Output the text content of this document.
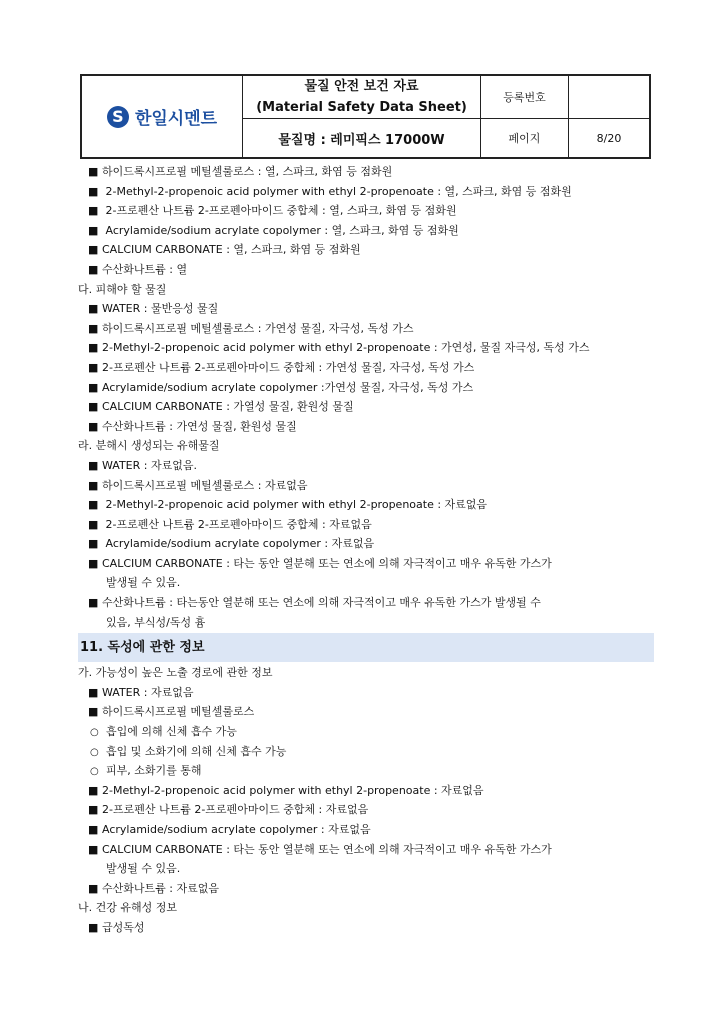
S 한일시멘트
물질 안전 보건 자료
(Material Safety Data Sheet)
등록번호
물질명 : 레미픽스 17000W	페이지	8/20
■ 하이드록시프로필 메틸셀룰로스 : 열, 스파크, 화염 등 점화원
■ 2-Methyl-2-propenoic acid polymer with ethyl 2-propenoate : 열, 스파크, 화염 등 점화원
■ 2-프로펜산 나트륨 2-프로펜아마이드 중합체 : 열, 스파크, 화염 등 점화원
■ Acrylamide/sodium acrylate copolymer : 열, 스파크, 화염 등 점화원
■ CALCIUM CARBONATE : 열, 스파크, 화염 등 점화원
■ 수산화나트륨 : 열
다. 피해야 할 물질
■ WATER : 물반응성 물질
■ 하이드록시프로필 메틸셀룰로스 : 가연성 물질, 자극성, 독성 가스
■ 2-Methyl-2-propenoic acid polymer with ethyl 2-propenoate : 가연성, 물질 자극성, 독성 가스
■ 2-프로펜산 나트륨 2-프로펜아마이드 중합체 : 가연성 물질, 자극성, 독성 가스
■ Acrylamide/sodium acrylate copolymer :가연성 물질, 자극성, 독성 가스
■ CALCIUM CARBONATE : 가열성 물질, 환원성 물질
■ 수산화나트륨 : 가연성 물질, 환원성 물질
라. 분해시 생성되는 유해물질
■ WATER : 자료없음.
■ 하이드록시프로필 메틸셀룰로스 : 자료없음
■ 2-Methyl-2-propenoic acid polymer with ethyl 2-propenoate : 자료없음
■ 2-프로펜산 나트륨 2-프로펜아마이드 중합체 : 자료없음
■ Acrylamide/sodium acrylate copolymer : 자료없음
■ CALCIUM CARBONATE : 타는 동안 열분해 또는 연소에 의해 자극적이고 매우 유독한 가스가
발생될 수 있음.
■ 수산화나트륨 : 타는동안 열분해 또는 연소에 의해 자극적이고 매우 유독한 가스가 발생될 수
있음, 부식성/독성 흄
11. 독성에 관한 정보
가. 가능성이 높은 노출 경로에 관한 정보
■ WATER : 자료없음
■ 하이드록시프로필 메틸셀룰로스
○ 흡입에 의해 신체 흡수 가능
○ 흡입 및 소화기에 의해 신체 흡수 가능
○ 피부, 소화기를 통해
■ 2-Methyl-2-propenoic acid polymer with ethyl 2-propenoate : 자료없음
■ 2-프로펜산 나트륨 2-프로펜아마이드 중합체 : 자료없음
■ Acrylamide/sodium acrylate copolymer : 자료없음
■ CALCIUM CARBONATE : 타는 동안 열분해 또는 연소에 의해 자극적이고 매우 유독한 가스가
발생될 수 있음.
■ 수산화나트륨 : 자료없음
나. 건강 유해성 정보
■ 급성독성
